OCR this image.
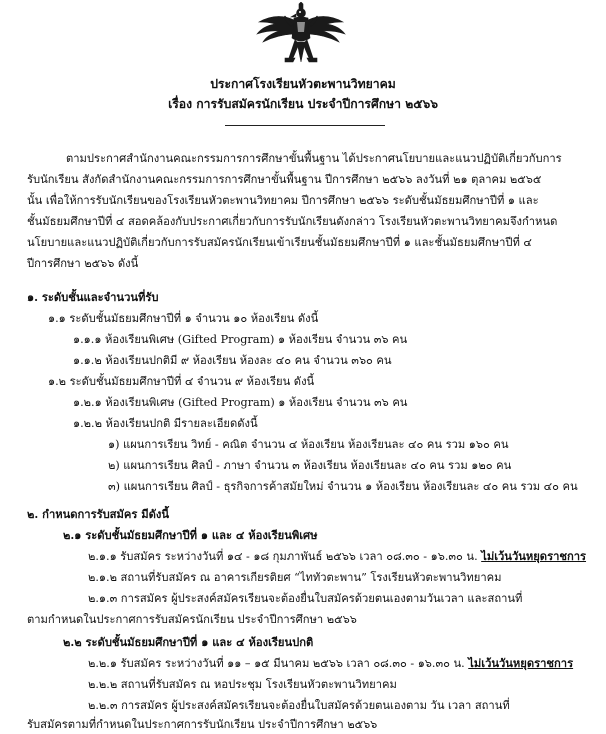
ประกาศโรงเรียนหัวตะพานวิทยาคม
เรื่อง การรับสมัครนักเรียน ประจำปีการศึกษา ๒๕๖๖
ตามประกาศสำนักงานคณะกรรมการการศึกษาขั้นพื้นฐาน ได้ประกาศนโยบายและแนวปฏิบัติเกี่ยวกับการ
รับนักเรียน สังกัดสำนักงานคณะกรรมการการศึกษาขั้นพื้นฐาน ปีการศึกษา ๒๕๖๖ ลงวันที่ ๒๑ ตุลาคม ๒๕๖๕
นั้น เพื่อให้การรับนักเรียนของโรงเรียนหัวตะพานวิทยาคม ปีการศึกษา ๒๕๖๖ ระดับชั้นมัธยมศึกษาปีที่ ๑ และ
ชั้นมัธยมศึกษาปีที่ ๔ สอดคล้องกับประกาศเกี่ยวกับการรับนักเรียนดังกล่าว โรงเรียนหัวตะพานวิทยาคมจึงกำหนด
นโยบายและแนวปฏิบัติเกี่ยวกับการรับสมัครนักเรียนเข้าเรียนชั้นมัธยมศึกษาปีที่ ๑ และชั้นมัธยมศึกษาปีที่ ๔
ปีการศึกษา ๒๕๖๖ ดังนี้
๑. ระดับชั้นและจำนวนที่รับ
๑.๑ ระดับชั้นมัธยมศึกษาปีที่ ๑ จำนวน ๑๐ ห้องเรียน ดังนี้
๑.๑.๑ ห้องเรียนพิเศษ (Gifted Program) ๑ ห้องเรียน จำนวน ๓๖ คน
๑.๑.๒ ห้องเรียนปกติมี ๙ ห้องเรียน ห้องละ ๔๐ คน จำนวน ๓๖๐ คน
๑.๒ ระดับชั้นมัธยมศึกษาปีที่ ๔ จำนวน ๙ ห้องเรียน ดังนี้
๑.๒.๑ ห้องเรียนพิเศษ (Gifted Program) ๑ ห้องเรียน จำนวน ๓๖ คน
๑.๒.๒ ห้องเรียนปกติ มีรายละเอียดดังนี้
๑) แผนการเรียน วิทย์ - คณิต จำนวน ๔ ห้องเรียน ห้องเรียนละ ๔๐ คน รวม ๑๖๐ คน
๒) แผนการเรียน ศิลป์ - ภาษา จำนวน ๓ ห้องเรียน ห้องเรียนละ ๔๐ คน รวม ๑๒๐ คน
๓) แผนการเรียน ศิลป์ - ธุรกิจการค้าสมัยใหม่ จำนวน ๑ ห้องเรียน ห้องเรียนละ ๔๐ คน รวม ๔๐ คน
๒. กำหนดการรับสมัคร มีดังนี้
๒.๑ ระดับชั้นมัธยมศึกษาปีที่ ๑ และ ๔ ห้องเรียนพิเศษ
๒.๑.๑ รับสมัคร ระหว่างวันที่ ๑๔ - ๑๘ กุมภาพันธ์ ๒๕๖๖ เวลา ๐๘.๓๐ - ๑๖.๓๐ น. ไม่เว้นวันหยุดราชการ
๒.๑.๒ สถานที่รับสมัคร ณ อาคารเกียรติยศ “ไททัวตะพาน” โรงเรียนหัวตะพานวิทยาคม
๒.๑.๓ การสมัคร ผู้ประสงค์สมัครเรียนจะต้องยื่นใบสมัครด้วยตนเองตามวันเวลา และสถานที่
ตามกำหนดในประกาศการรับสมัครนักเรียน ประจำปีการศึกษา ๒๕๖๖
๒.๒ ระดับชั้นมัธยมศึกษาปีที่ ๑ และ ๔ ห้องเรียนปกติ
๒.๒.๑ รับสมัคร ระหว่างวันที่ ๑๑ – ๑๕ มีนาคม ๒๕๖๖ เวลา ๐๘.๓๐ - ๑๖.๓๐ น. ไม่เว้นวันหยุดราชการ
๒.๒.๒ สถานที่รับสมัคร ณ หอประชุม โรงเรียนหัวตะพานวิทยาคม
๒.๒.๓ การสมัคร ผู้ประสงค์สมัครเรียนจะต้องยื่นใบสมัครด้วยตนเองตาม วัน เวลา สถานที่
รับสมัครตามที่กำหนดในประกาศการรับนักเรียน ประจำปีการศึกษา ๒๕๖๖
